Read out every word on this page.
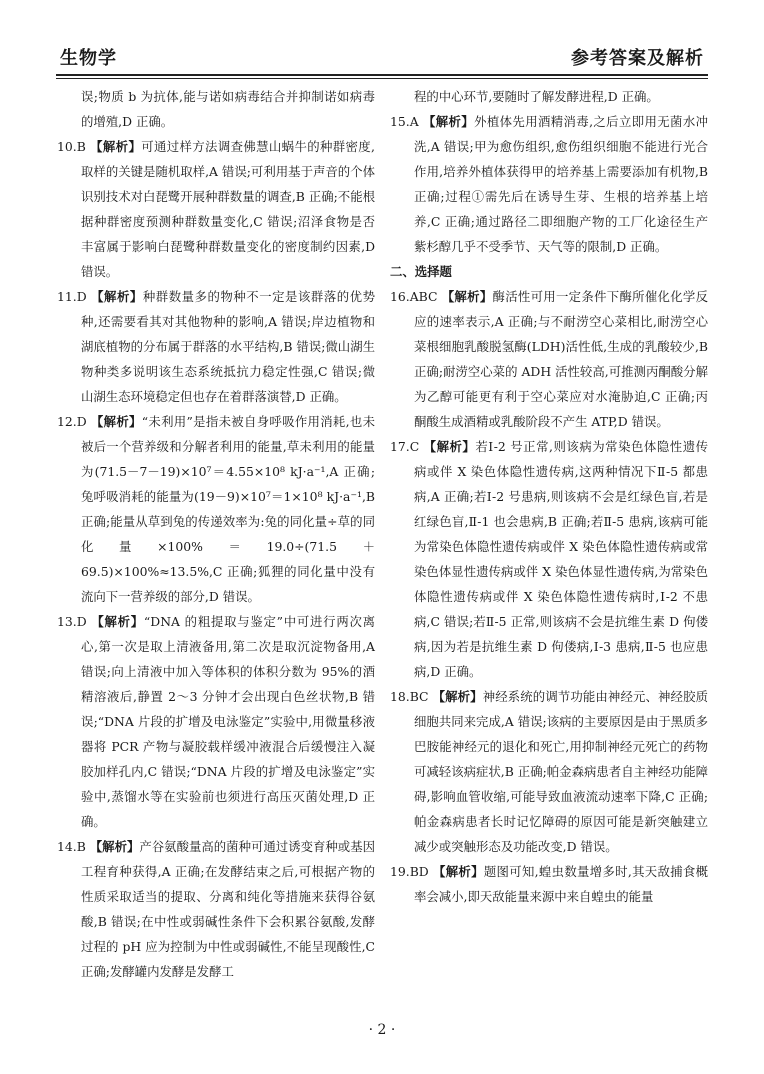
生物学	参考答案及解析

误;物质 b 为抗体,能与诺如病毒结合并抑制诺如病毒的增殖,D 正确。

10.B 【解析】可通过样方法调查佛慧山蜗牛的种群密度,取样的关键是随机取样,A 错误;可利用基于声音的个体识别技术对白琵鹭开展种群数量的调查,B 正确;不能根据种群密度预测种群数量变化,C 错误;沼泽食物是否丰富属于影响白琵鹭种群数量变化的密度制约因素,D 错误。

11.D 【解析】种群数量多的物种不一定是该群落的优势种,还需要看其对其他物种的影响,A 错误;岸边植物和湖底植物的分布属于群落的水平结构,B 错误;微山湖生物种类多说明该生态系统抵抗力稳定性强,C 错误;微山湖生态环境稳定但也存在着群落演替,D 正确。

12.D 【解析】“未利用”是指未被自身呼吸作用消耗,也未被后一个营养级和分解者利用的能量,草未利用的能量为(71.5－7－19)×10⁷＝4.55×10⁸ kJ·a⁻¹,A 正确;兔呼吸消耗的能量为(19－9)×10⁷＝1×10⁸ kJ·a⁻¹,B 正确;能量从草到兔的传递效率为:兔的同化量÷草的同化量×100%＝19.0÷(71.5＋69.5)×100%≈13.5%,C 正确;狐狸的同化量中没有流向下一营养级的部分,D 错误。

13.D 【解析】“DNA 的粗提取与鉴定”中可进行两次离心,第一次是取上清液备用,第二次是取沉淀物备用,A 错误;向上清液中加入等体积的体积分数为 95%的酒精溶液后,静置 2～3 分钟才会出现白色丝状物,B 错误;“DNA 片段的扩增及电泳鉴定”实验中,用微量移液器将 PCR 产物与凝胶载样缓冲液混合后缓慢注入凝胶加样孔内,C 错误;“DNA 片段的扩增及电泳鉴定”实验中,蒸馏水等在实验前也须进行高压灭菌处理,D 正确。

14.B 【解析】产谷氨酸量高的菌种可通过诱变育种或基因工程育种获得,A 正确;在发酵结束之后,可根据产物的性质采取适当的提取、分离和纯化等措施来获得谷氨酸,B 错误;在中性或弱碱性条件下会积累谷氨酸,发酵过程的 pH 应为控制为中性或弱碱性,不能呈现酸性,C 正确;发酵罐内发酵是发酵工

程的中心环节,要随时了解发酵进程,D 正确。

15.A 【解析】外植体先用酒精消毒,之后立即用无菌水冲洗,A 错误;甲为愈伤组织,愈伤组织细胞不能进行光合作用,培养外植体获得甲的培养基上需要添加有机物,B 正确;过程①需先后在诱导生芽、生根的培养基上培养,C 正确;通过路径二即细胞产物的工厂化途径生产紫杉醇几乎不受季节、天气等的限制,D 正确。

二、选择题

16.ABC 【解析】酶活性可用一定条件下酶所催化化学反应的速率表示,A 正确;与不耐涝空心菜相比,耐涝空心菜根细胞乳酸脱氢酶(LDH)活性低,生成的乳酸较少,B 正确;耐涝空心菜的 ADH 活性较高,可推测丙酮酸分解为乙醇可能更有利于空心菜应对水淹胁迫,C 正确;丙酮酸生成酒精或乳酸阶段不产生 ATP,D 错误。

17.C 【解析】若Ⅰ-2 号正常,则该病为常染色体隐性遗传病或伴 X 染色体隐性遗传病,这两种情况下Ⅱ-5 都患病,A 正确;若Ⅰ-2 号患病,则该病不会是红绿色盲,若是红绿色盲,Ⅱ-1 也会患病,B 正确;若Ⅱ-5 患病,该病可能为常染色体隐性遗传病或伴 X 染色体隐性遗传病或常染色体显性遗传病或伴 X 染色体显性遗传病,为常染色体隐性遗传病或伴 X 染色体隐性遗传病时,Ⅰ-2 不患病,C 错误;若Ⅱ-5 正常,则该病不会是抗维生素 D 佝偻病,因为若是抗维生素 D 佝偻病,Ⅰ-3 患病,Ⅱ-5 也应患病,D 正确。

18.BC 【解析】神经系统的调节功能由神经元、神经胶质细胞共同来完成,A 错误;该病的主要原因是由于黑质多巴胺能神经元的退化和死亡,用抑制神经元死亡的药物可减轻该病症状,B 正确;帕金森病患者自主神经功能障碍,影响血管收缩,可能导致血液流动速率下降,C 正确;帕金森病患者长时记忆障碍的原因可能是新突触建立减少或突触形态及功能改变,D 错误。

19.BD 【解析】题图可知,蝗虫数量增多时,其天敌捕食概率会减小,即天敌能量来源中来自蝗虫的能量

· 2 ·
